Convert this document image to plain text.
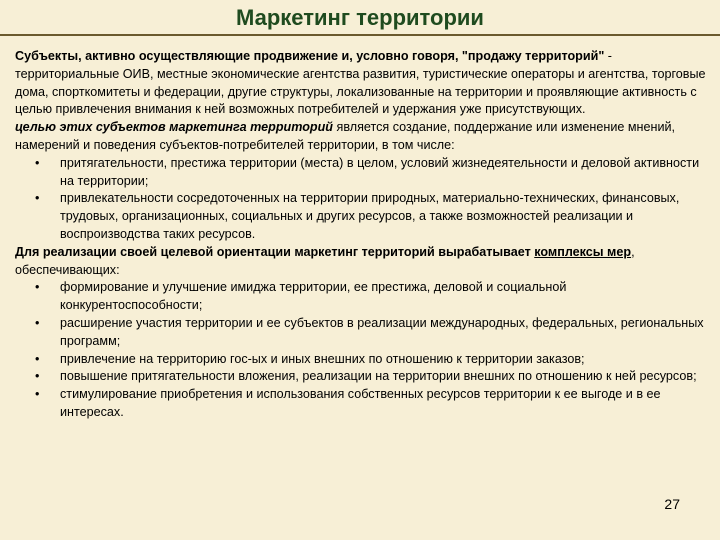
Маркетинг территории

Субъекты, активно осуществляющие продвижение и, условно говоря, "продажу территорий" - территориальные ОИВ, местные экономические агентства развития, туристические операторы и агентства, торговые дома, спорткомитеты и федерации, другие структуры, локализованные на территории и проявляющие активность с целью привлечения внимания к ней возможных потребителей и удержания уже присутствующих.

целью этих субъектов маркетинга территорий является создание, поддержание или изменение мнений, намерений и поведения субъектов-потребителей территории, в том числе:

• притягательности, престижа территории (места) в целом, условий жизнедеятельности и деловой активности на территории;
• привлекательности сосредоточенных на территории природных, материально-технических, финансовых, трудовых, организационных, социальных и других ресурсов, а также возможностей реализации и воспроизводства таких ресурсов.

Для реализации своей целевой ориентации маркетинг территорий вырабатывает комплексы мер, обеспечивающих:

• формирование и улучшение имиджа территории, ее престижа, деловой и социальной конкурентоспособности;
• расширение участия территории и ее субъектов в реализации международных, федеральных, региональных программ;
• привлечение на территорию гос-ых и иных внешних по отношению к территории заказов;
• повышение притягательности вложения, реализации на территории внешних по отношению к ней ресурсов;
• стимулирование приобретения и использования собственных ресурсов территории к ее выгоде и в ее интересах.
27
